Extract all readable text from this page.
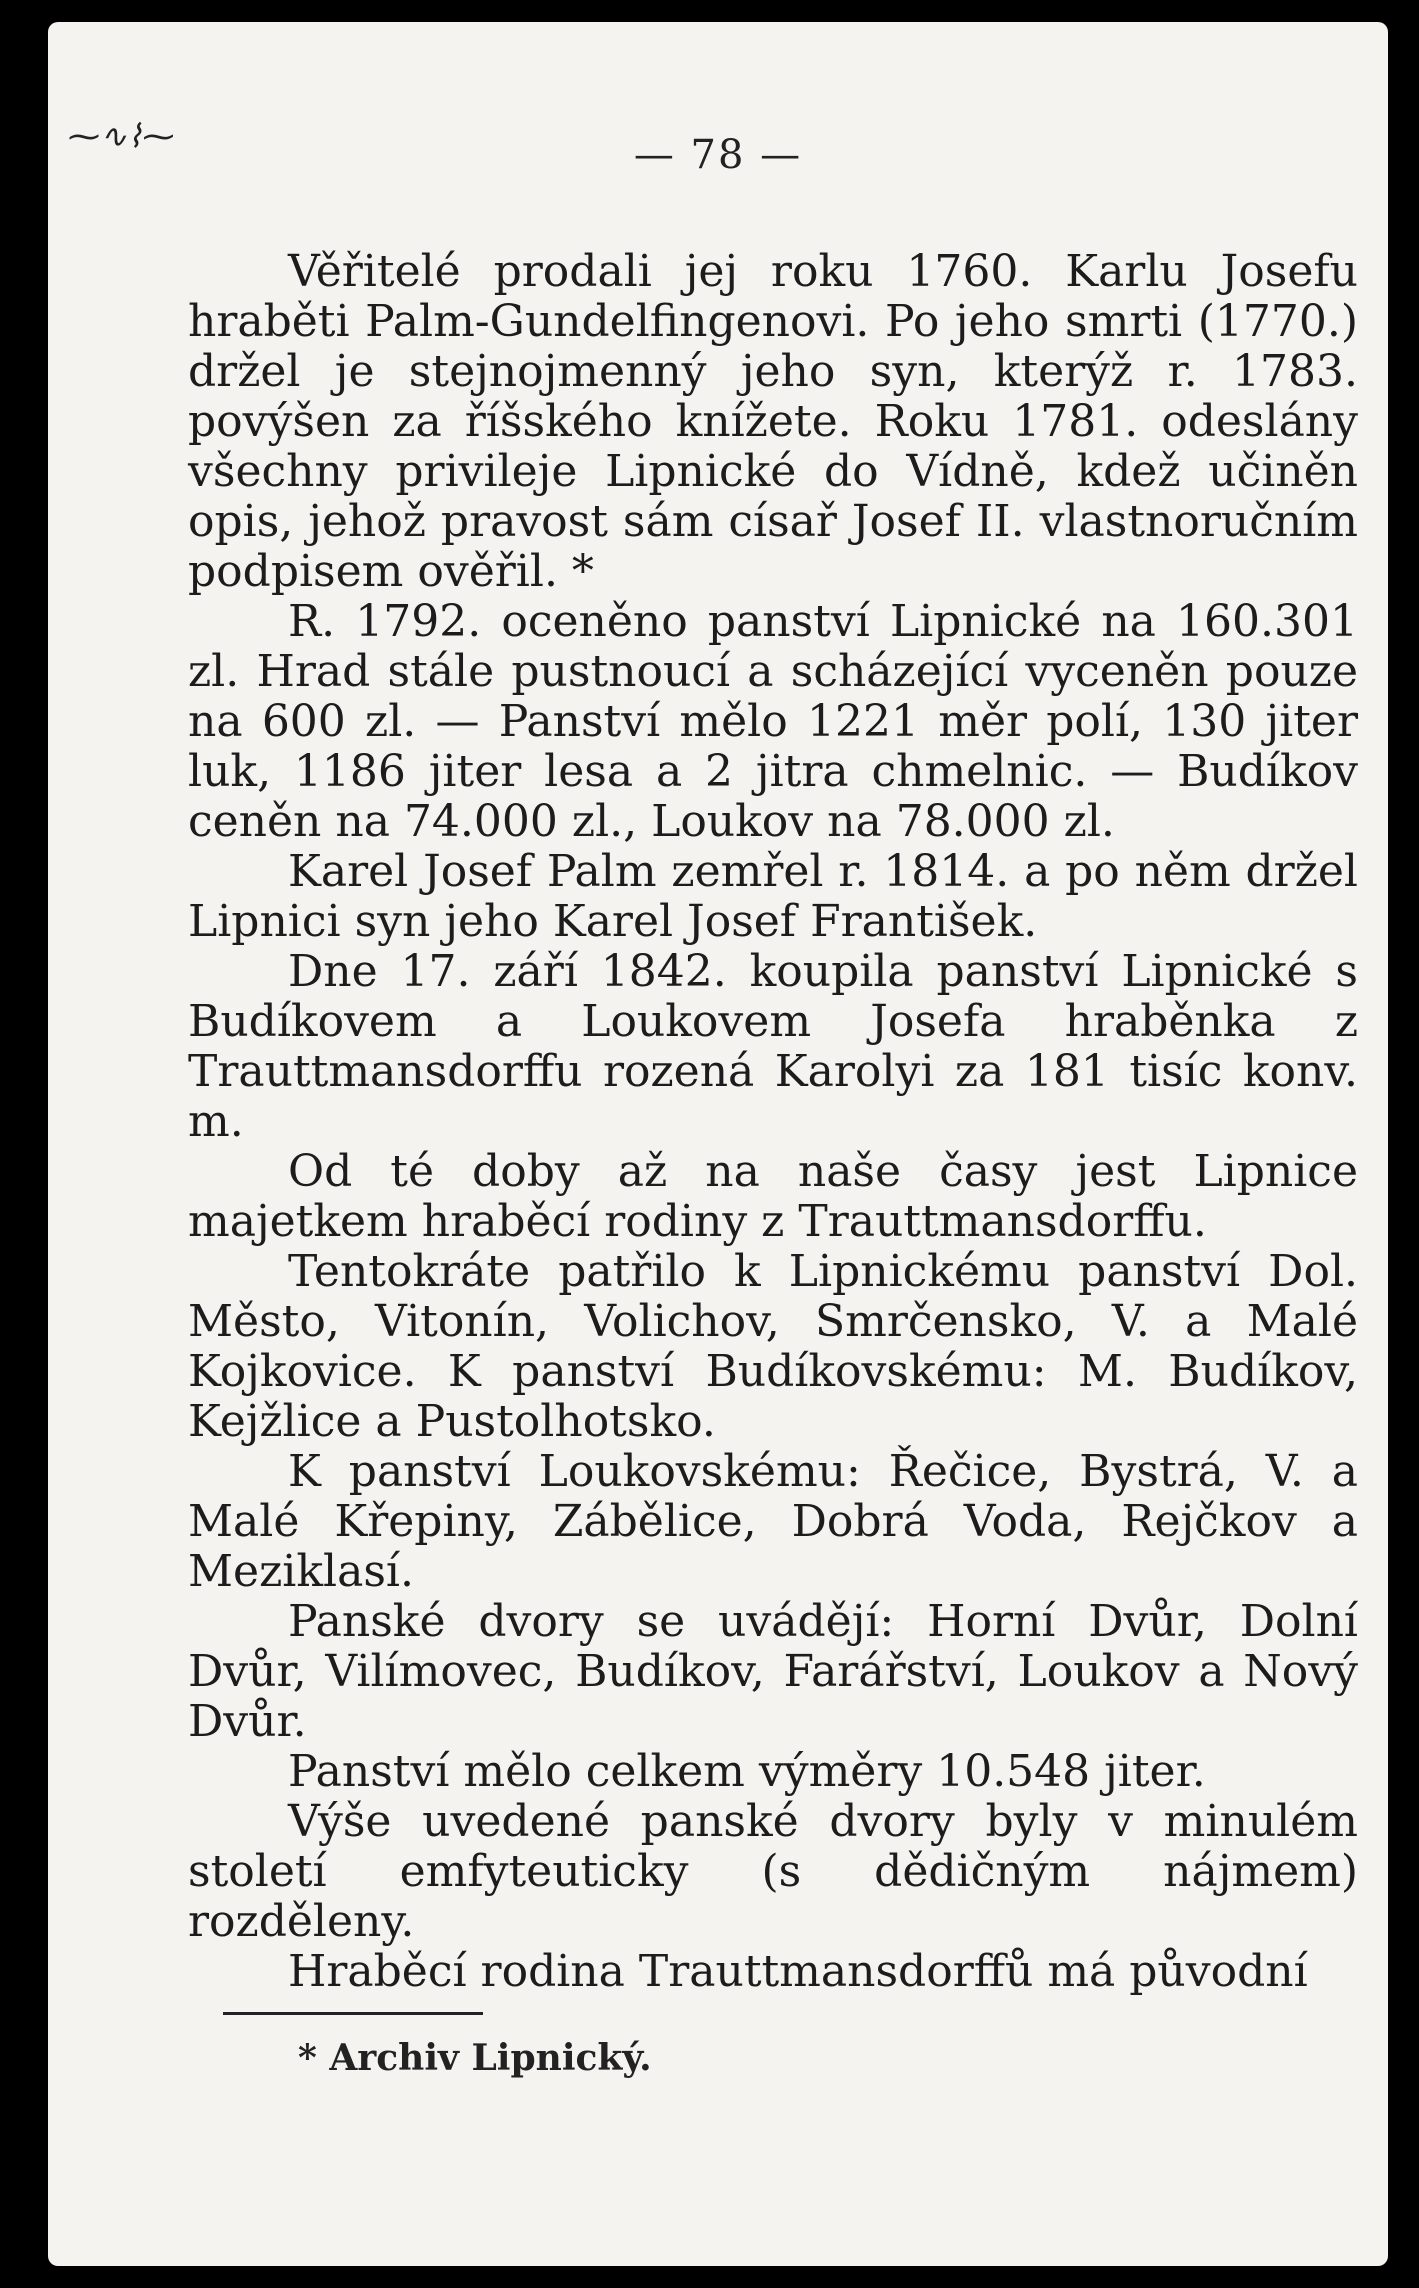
⁓∿⌇⁓	— 78 —

Věřitelé prodali jej roku 1760. Karlu Josefu hraběti Palm-Gundelfingenovi. Po jeho smrti (1770.) držel je stejnojmenný jeho syn, kterýž r. 1783. povýšen za říšského knížete. Roku 1781. odeslány všechny privileje Lipnické do Vídně, kdež učiněn opis, jehož pravost sám císař Josef II. vlastnoručním podpisem ověřil. *

R. 1792. oceněno panství Lipnické na 160.301 zl. Hrad stále pustnoucí a scházející vyceněn pouze na 600 zl. — Panství mělo 1221 měr polí, 130 jiter luk, 1186 jiter lesa a 2 jitra chmelnic. — Budíkov ceněn na 74.000 zl., Loukov na 78.000 zl.

Karel Josef Palm zemřel r. 1814. a po něm držel Lipnici syn jeho Karel Josef František.

Dne 17. září 1842. koupila panství Lipnické s Budíkovem a Loukovem Josefa hraběnka z Trauttmansdorffu rozená Karolyi za 181 tisíc konv. m.

Od té doby až na naše časy jest Lipnice majetkem hraběcí rodiny z Trauttmansdorffu.

Tentokráte patřilo k Lipnickému panství Dol. Město, Vitonín, Volichov, Smrčensko, V. a Malé Kojkovice. K panství Budíkovskému: M. Budíkov, Kejžlice a Pustolhotsko.

K panství Loukovskému: Řečice, Bystrá, V. a Malé Křepiny, Zábělice, Dobrá Voda, Rejčkov a Meziklasí.

Panské dvory se uvádějí: Horní Dvůr, Dolní Dvůr, Vilímovec, Budíkov, Farářství, Loukov a Nový Dvůr.

Panství mělo celkem výměry 10.548 jiter.

Výše uvedené panské dvory byly v minulém století emfyteuticky (s dědičným nájmem) rozděleny.

Hraběcí rodina Trauttmansdorffů má původní

* Archiv Lipnický.
